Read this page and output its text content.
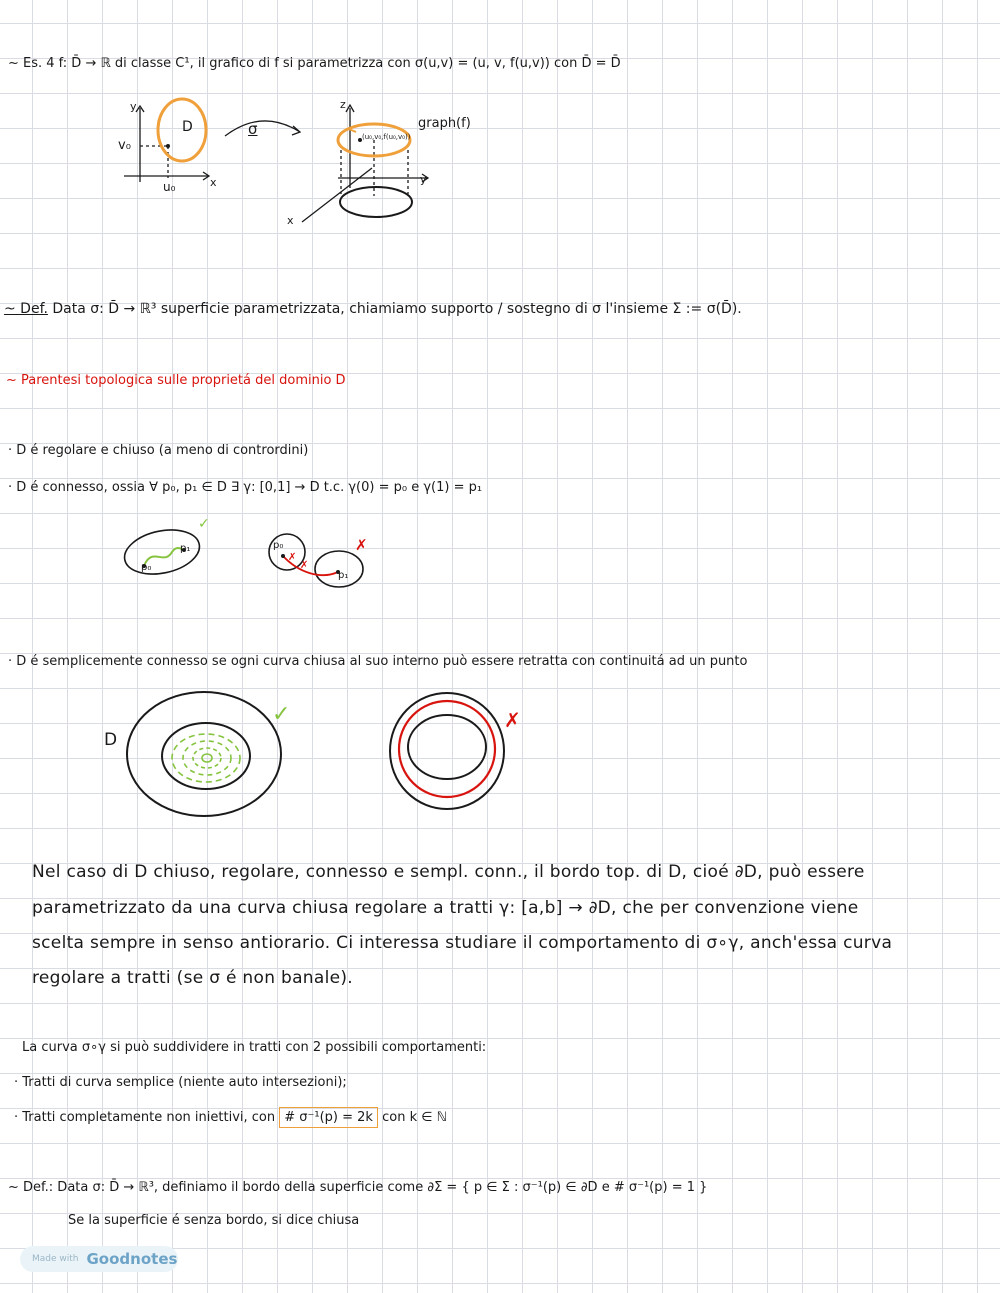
~ Es. 4 f: D̄ → ℝ di classe C¹, il grafico di f si parametrizza con σ(u,v) = (u, v, f(u,v)) con D̄ = D̄

y
D
v₀
u₀	x
σ
z
(u₀,v₀,f(u₀,v₀))
graph(f)
y
x

~ Def. Data σ: D̄ → ℝ³ superficie parametrizzata, chiamiamo supporto / sostegno di σ l'insieme Σ := σ(D̄).

~ Parentesi topologica sulle proprietá del dominio D

· D é regolare e chiuso (a meno di contrordini)

· D é connesso, ossia ∀ p₀, p₁ ∈ D ∃ γ: [0,1] → D t.c. γ(0) = p₀ e γ(1) = p₁

p₀
p₁
✓
p₀
p₁
✗
✗
✗

· D é semplicemente connesso se ogni curva chiusa al suo interno può essere retratta con continuitá ad un punto

D
✓	✗

Nel caso di D chiuso, regolare, connesso e sempl. conn., il bordo top. di D, cioé ∂D, può essere

parametrizzato da una curva chiusa regolare a tratti γ: [a,b] → ∂D, che per convenzione viene

scelta sempre in senso antiorario. Ci interessa studiare il comportamento di σ∘γ, anch'essa curva

regolare a tratti (se σ é non banale).

La curva σ∘γ si può suddividere in tratti con 2 possibili comportamenti:

· Tratti di curva semplice (niente auto intersezioni);

· Tratti completamente non iniettivi, con # σ⁻¹(p) = 2k con k ∈ ℕ

~ Def.: Data σ: D̄ → ℝ³, definiamo il bordo della superficie come ∂Σ = { p ∈ Σ : σ⁻¹(p) ∈ ∂D e # σ⁻¹(p) = 1 }

Se la superficie é senza bordo, si dice chiusa

Made with Goodnotes
